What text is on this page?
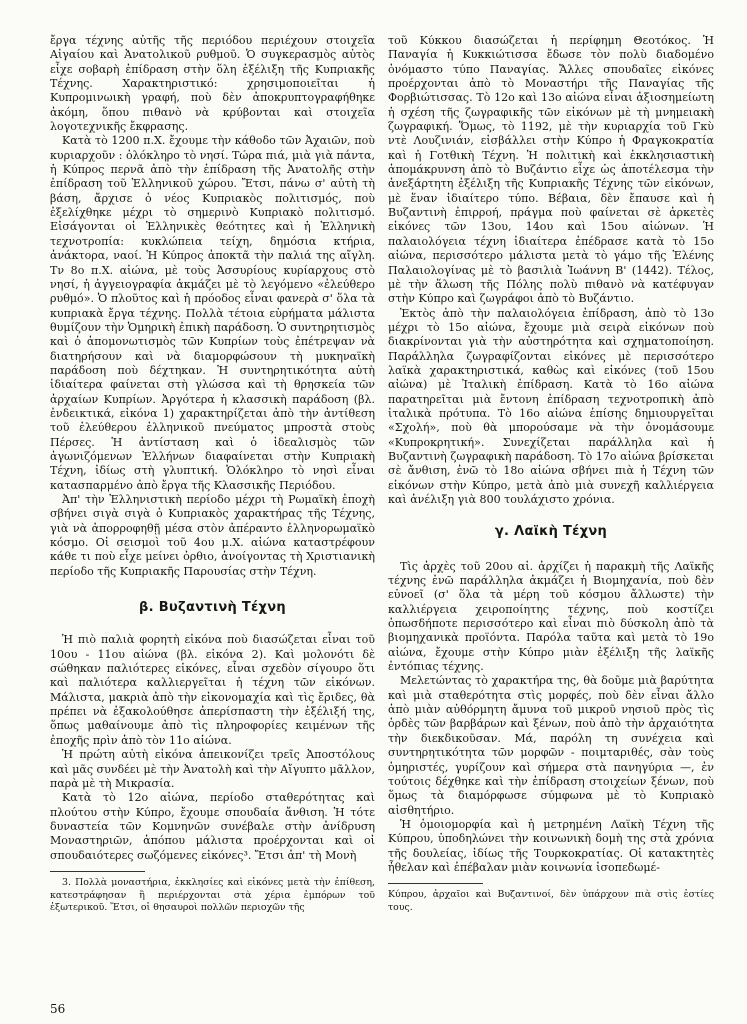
ἔργα τέχνης αὐτῆς τῆς περιόδου περιέχουν στοιχεῖα Αἰγαίου καὶ Ἀνατολικοῦ ρυθμοῦ. Ὁ συγκερασμὸς αὐτὸς εἶχε σοβαρὴ ἐπίδραση στὴν ὅλη ἐξέλιξη τῆς Κυπριακῆς Τέχνης. Χαρακτηριστικό: χρησιμοποιεῖται ἡ Κυπρομινωικὴ γραφή, ποὺ δὲν ἀποκρυπτογραφήθηκε ἀκόμη, ὅπου πιθανὸ νὰ κρύβονται καὶ στοιχεῖα λογοτεχνικῆς ἔκφρασης.

Κατὰ τὸ 1200 π.Χ. ἔχουμε τὴν κάθοδο τῶν Ἀχαιῶν, ποὺ κυριαρχοῦν : ὁλόκληρο τὸ νησί. Τώρα πιά, μιὰ γιὰ πάντα, ἡ Κύπρος περνᾶ ἀπὸ τὴν ἐπίδραση τῆς Ἀνατολῆς στὴν ἐπίδραση τοῦ Ἑλληνικοῦ χώρου. Ἔτσι, πάνω σ' αὐτὴ τὴ βάση, ἄρχισε ὁ νέος Κυπριακὸς πολιτισμός, ποὺ ἐξελίχθηκε μέχρι τὸ σημερινὸ Κυπριακὸ πολιτισμό. Εἰσάγονται οἱ Ἑλληνικὲς θεότητες καὶ ἡ Ἑλληνικὴ τεχνοτροπία: κυκλώπεια τείχη, δημόσια κτήρια, ἀνάκτορα, ναοί. Ἡ Κύπρος ἀποκτᾶ τὴν παλιά της αἴγλη. Τν 8ο π.Χ. αἰώνα, μὲ τοὺς Ἀσσυρίους κυρίαρχους στὸ νησί, ἡ ἀγγειογραφία ἀκμάζει μὲ τὸ λεγόμενο «ἐλεύθερο ρυθμό». Ὁ πλοῦτος καὶ ἡ πρόοδος εἶναι φανερὰ σ' ὅλα τὰ κυπριακὰ ἔργα τέχνης. Πολλὰ τέτοια εὑρήματα μάλιστα θυμίζουν τὴν Ὁμηρικὴ ἐπικὴ παράδοση. Ὁ συντηρητισμὸς καὶ ὁ ἀπομονωτισμὸς τῶν Κυπρίων τοὺς ἐπέτρεψαν νὰ διατηρήσουν καὶ νὰ διαμορφώσουν τὴ μυκηναϊκὴ παράδοση ποὺ δέχτηκαν. Ἡ συντηρητικότητα αὐτὴ ἰδιαίτερα φαίνεται στὴ γλώσσα καὶ τὴ θρησκεία τῶν ἀρχαίων Κυπρίων. Ἀργότερα ἡ κλασσικὴ παράδοση (βλ. ἐνδεικτικά, εἰκόνα 1) χαρακτηρίζεται ἀπὸ τὴν ἀντίθεση τοῦ ἐλεύθερου ἑλληνικοῦ πνεύματος μπροστὰ στοὺς Πέρσες. Ἡ ἀντίσταση καὶ ὁ ἰδεαλισμὸς τῶν ἀγωνιζόμενων Ἑλλήνων διαφαίνεται στὴν Κυπριακὴ Τέχνη, ἰδίως στὴ γλυπτική. Ὁλόκληρο τὸ νησὶ εἶναι κατασπαρμένο ἀπὸ ἔργα τῆς Κλασσικῆς Περιόδου.

Ἀπ' τὴν Ἑλληνιστικὴ περίοδο μέχρι τὴ Ρωμαϊκὴ ἐποχὴ σβήνει σιγὰ σιγὰ ὁ Κυπριακὸς χαρακτήρας τῆς Τέχνης, γιὰ νὰ ἀπορροφηθῇ μέσα στὸν ἀπέραντο ἑλληνορωμαϊκὸ κόσμο. Οἱ σεισμοὶ τοῦ 4ου μ.Χ. αἰώνα καταστρέφουν κάθε τι ποὺ εἶχε μείνει ὀρθιο, ἀνοίγοντας τὴ Χριστιανικὴ περίοδο τῆς Κυπριακῆς Παρουσίας στὴν Τέχνη.

β. Βυζαντινὴ Τέχνη

Ἡ πιὸ παλιὰ φορητὴ εἰκόνα ποὺ διασώζεται εἶναι τοῦ 10ου - 11ου αἰώνα (βλ. εἰκόνα 2). Καὶ μολονότι δὲ σώθηκαν παλιότερες εἰκόνες, εἶναι σχεδὸν σίγουρο ὅτι καὶ παλιότερα καλλιεργεῖται ἡ τέχνη τῶν εἰκόνων. Μάλιστα, μακριὰ ἀπὸ τὴν εἰκονομαχία καὶ τὶς ἔριδες, θὰ πρέπει νὰ ἐξακολούθησε ἀπερίσπαστη τὴν ἐξέλιξή της, ὅπως μαθαίνουμε ἀπὸ τὶς πληροφορίες κειμένων τῆς ἐποχῆς πρὶν ἀπὸ τὸν 11ο αἰώνα.

Ἡ πρώτη αὐτὴ εἰκόνα ἀπεικονίζει τρεῖς Ἀποστόλους καὶ μᾶς συνδέει μὲ τὴν Ἀνατολὴ καὶ τὴν Αἴγυπτο μᾶλλον, παρὰ μὲ τὴ Μικρασία.

Κατὰ τὸ 12ο αἰώνα, περίοδο σταθερότητας καὶ πλούτου στὴν Κύπρο, ἔχουμε σπουδαία ἄνθιση. Ἡ τότε δυναστεία τῶν Κομνηνῶν συνέβαλε στὴν ἀνίδρυση Μοναστηριῶν, ἀπόπου μάλιστα προέρχονται καὶ οἱ σπουδαιότερες σωζόμενες εἰκόνες³. Ἔτσι ἀπ' τὴ Μονὴ

3. Πολλὰ μοναστήρια, ἐκκλησίες καὶ εἰκόνες μετὰ τὴν ἐπίθεση, κατεστράφησαν ἢ περιέρχονται στὰ χέρια ἐμπόρων τοῦ ἐξωτερικοῦ. Ἔτσι, οἱ θησαυροὶ πολλῶν περιοχῶν τῆς

τοῦ Κύκκου διασώζεται ἡ περίφημη Θεοτόκος. Ἡ Παναγία ἡ Κυκκιώτισσα ἔδωσε τὸν πολὺ διαδομένο ὀνόμαστο τύπο Παναγίας. Ἄλλες σπουδαῖες εἰκόνες προέρχονται ἀπὸ τὸ Μοναστήρι τῆς Παναγίας τῆς Φορβιώτισσας. Τὸ 12ο καὶ 13ο αἰώνα εἶναι ἀξιοσημείωτη ἡ σχέση τῆς ζωγραφικῆς τῶν εἰκόνων μὲ τὴ μνημειακὴ ζωγραφική. Ὅμως, τὸ 1192, μὲ τὴν κυριαρχία τοῦ Γκὺ ντὲ Λουζινιάν, εἰσβάλλει στὴν Κύπρο ἡ Φραγκοκρατία καὶ ἡ Γοτθικὴ Τέχνη. Ἡ πολιτικὴ καὶ ἐκκλησιαστικὴ ἀπομάκρυνση ἀπὸ τὸ Βυζάντιο εἶχε ὡς ἀποτέλεσμα τὴν ἀνεξάρτητη ἐξέλιξη τῆς Κυπριακῆς Τέχνης τῶν εἰκόνων, μὲ ἕναν ἰδιαίτερο τύπο. Βέβαια, δὲν ἔπαυσε καὶ ἡ Βυζαντινὴ ἐπιρροή, πράγμα ποὺ φαίνεται σὲ ἀρκετὲς εἰκόνες τῶν 13ου, 14ου καὶ 15ου αἰώνων. Ἡ παλαιολόγεια τέχνη ἰδιαίτερα ἐπέδρασε κατὰ τὸ 15ο αἰώνα, περισσότερο μάλιστα μετὰ τὸ γάμο τῆς Ἑλένης Παλαιολογίνας μὲ τὸ βασιλιὰ Ἰωάννη Β' (1442). Τέλος, μὲ τὴν ἅλωση τῆς Πόλης πολὺ πιθανὸ νὰ κατέφυγαν στὴν Κύπρο καὶ ζωγράφοι ἀπὸ τὸ Βυζάντιο.

Ἐκτὸς ἀπὸ τὴν παλαιολόγεια ἐπίδραση, ἀπὸ τὸ 13ο μέχρι τὸ 15ο αἰώνα, ἔχουμε μιὰ σειρὰ εἰκόνων ποὺ διακρίνονται γιὰ τὴν αὐστηρότητα καὶ σχηματοποίηση. Παράλληλα ζωγραφίζονται εἰκόνες μὲ περισσότερο λαϊκὰ χαρακτηριστικά, καθὼς καὶ εἰκόνες (τοῦ 15ου αἰώνα) μὲ Ἰταλικὴ ἐπίδραση. Κατὰ τὸ 16ο αἰώνα παρατηρεῖται μιὰ ἔντονη ἐπίδραση τεχνοτροπικὴ ἀπὸ ἰταλικὰ πρότυπα. Τὸ 16ο αἰώνα ἐπίσης δημιουργεῖται «Σχολή», ποὺ θὰ μπορούσαμε νὰ τὴν ὀνομάσουμε «Κυπροκρητική». Συνεχίζεται παράλληλα καὶ ἡ Βυζαντινὴ ζωγραφικὴ παράδοση. Τὸ 17ο αἰώνα βρίσκεται σὲ ἄνθιση, ἐνῶ τὸ 18ο αἰώνα σβήνει πιὰ ἡ Τέχνη τῶν εἰκόνων στὴν Κύπρο, μετὰ ἀπὸ μιὰ συνεχῆ καλλιέργεια καὶ ἀνέλιξη γιὰ 800 τουλάχιστο χρόνια.

γ. Λαϊκὴ Τέχνη

Τὶς ἀρχὲς τοῦ 20ου αἰ. ἀρχίζει ἡ παρακμὴ τῆς Λαϊκῆς τέχνης ἐνῶ παράλληλα ἀκμάζει ἡ Βιομηχανία, ποὺ δὲν εὐνοεῖ (σ' ὅλα τὰ μέρη τοῦ κόσμου ἄλλωστε) τὴν καλλιέργεια χειροποίητης τέχνης, ποὺ κοστίζει ὁπωσδήποτε περισσότερο καὶ εἶναι πιὸ δύσκολη ἀπὸ τὰ βιομηχανικὰ προϊόντα. Παρόλα ταῦτα καὶ μετὰ τὸ 19ο αἰώνα, ἔχουμε στὴν Κύπρο μιὰν ἐξέλιξη τῆς λαϊκῆς ἐντόπιας τέχνης.

Μελετώντας τὸ χαρακτήρα της, θὰ δοῦμε μιὰ βαρύτητα καὶ μιὰ σταθερότητα στὶς μορφές, ποὺ δὲν εἶναι ἄλλο ἀπὸ μιὰν αὐθόρμητη ἄμυνα τοῦ μικροῦ νησιοῦ πρὸς τὶς ὀρδὲς τῶν βαρβάρων καὶ ξένων, ποὺ ἀπὸ τὴν ἀρχαιότητα τὴν διεκδικοῦσαν. Μά, παρόλη τη συνέχεια καὶ συντηρητικότητα τῶν μορφῶν - ποιμταριθές, σὰν τοὺς ὁμηριστές, γυρίζουν καὶ σήμερα στὰ πανηγύρια —, ἐν τούτοις δέχθηκε καὶ τὴν ἐπίδραση στοιχείων ξένων, ποὺ ὅμως τὰ διαμόρφωσε σύμφωνα μὲ τὸ Κυπριακὸ αἰσθητήριο.

Ἡ ὁμοιομορφία καὶ ἡ μετρημένη Λαϊκὴ Τέχνη τῆς Κύπρου, ὑποδηλώνει τὴν κοινωνικὴ δομὴ της στὰ χρόνια τῆς δουλείας, ἰδίως τῆς Τουρκοκρατίας. Οἱ κατακτητὲς ἦθελαν καὶ ἐπέβαλαν μιὰν κοινωνία ἰσοπεδωμέ-

Κύπρου, ἀρχαῖοι καὶ Βυζαντινοί, δὲν ὑπάρχουν πιὰ στὶς ἑστίες τους.

56
